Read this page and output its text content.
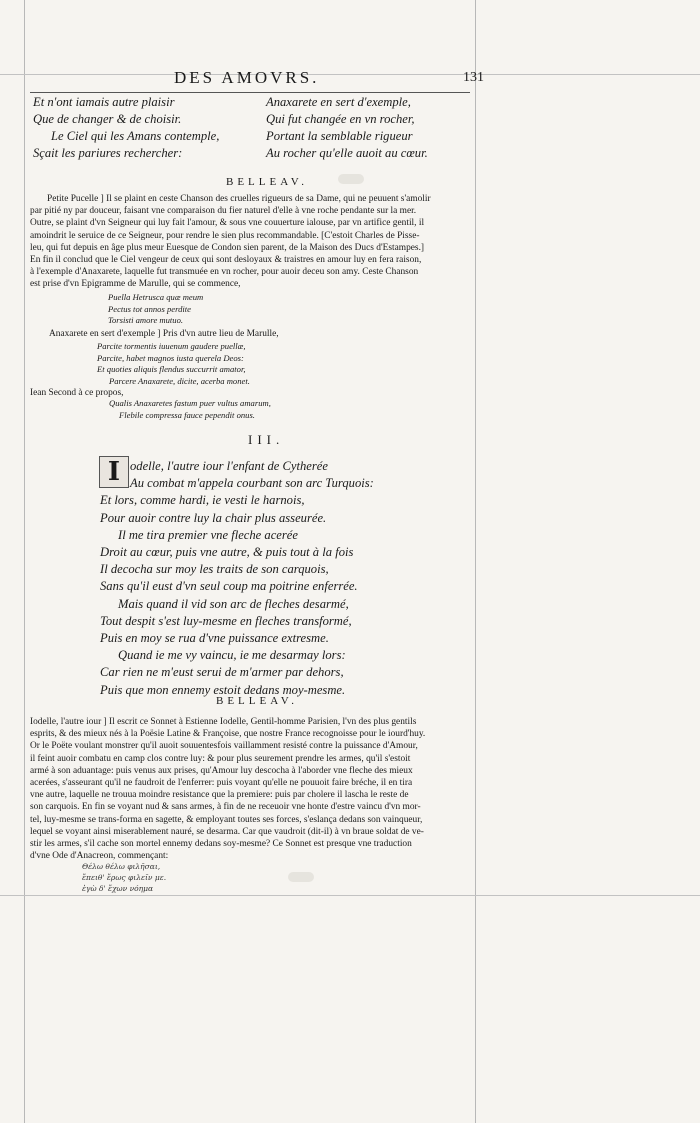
DES AMOVRS.	131
Et n'ont iamais autre plaisir
Que de changer & de choisir.
Le Ciel qui les Amans contemple,
Sçait les pariures rechercher:
Anaxarete en sert d'exemple,
Qui fut changée en vn rocher,
Portant la semblable rigueur
Au rocher qu'elle auoit au cœur.
BELLEAV.
Petite Pucelle ] Il se plaint en ceste Chanson des cruelles rigueurs de sa Dame, qui ne peuuent s'amolir
par pitié ny par douceur, faisant vne comparaison du fier naturel d'elle à vne roche pendante sur la mer.
Outre, se plaint d'vn Seigneur qui luy fait l'amour, & sous vne couuerture ialouse, par vn artifice gentil, il
amoindrit le seruice de ce Seigneur, pour rendre le sien plus recommandable. [C'estoit Charles de Pisse-
leu, qui fut depuis en âge plus meur Euesque de Condon sien parent, de la Maison des Ducs d'Estampes.]
En fin il conclud que le Ciel vengeur de ceux qui sont desloyaux & traistres en amour luy en fera raison,
à l'exemple d'Anaxarete, laquelle fut transmuée en vn rocher, pour auoir deceu son amy. Ceste Chanson
est prise d'vn Epigramme de Marulle, qui se commence,
Puella Hetrusca quæ meum
Pectus tot annos perdite
Torsisti amore mutuo.
Anaxarete en sert d'exemple ] Pris d'vn autre lieu de Marulle,
Parcite tormentis iuuenum gaudere puellæ,
Parcite, habet magnos iusta querela Deos:
Et quoties aliquis flendus succurrit amator,
Parcere Anaxarete, dicite, acerba monet.
Iean Second à ce propos,
Qualis Anaxaretes fastum puer vultus amarum,
Flebile compressa fauce pependit onus.
III.
I odelle, l'autre iour l'enfant de Cytherée
Au combat m'appela courbant son arc Turquois:
Et lors, comme hardi, ie vesti le harnois,
Pour auoir contre luy la chair plus asseurée.
Il me tira premier vne fleche acerée
Droit au cœur, puis vne autre, & puis tout à la fois
Il decocha sur moy les traits de son carquois,
Sans qu'il eust d'vn seul coup ma poitrine enferrée.
Mais quand il vid son arc de fleches desarmé,
Tout despit s'est luy-mesme en fleches transformé,
Puis en moy se rua d'vne puissance extresme.
Quand ie me vy vaincu, ie me desarmay lors:
Car rien ne m'eust serui de m'armer par dehors,
Puis que mon ennemy estoit dedans moy-mesme.
BELLEAV.
Iodelle, l'autre iour ] Il escrit ce Sonnet à Estienne Iodelle, Gentil-homme Parisien, l'vn des plus gentils
esprits, & des mieux nés à la Poësie Latine & Françoise, que nostre France recognoisse pour le iourd'huy.
Or le Poëte voulant monstrer qu'il auoit souuentesfois vaillamment resisté contre la puissance d'Amour,
il feint auoir combatu en camp clos contre luy: & pour plus seurement prendre les armes, qu'il s'estoit
armé à son aduantage: puis venus aux prises, qu'Amour luy descocha à l'aborder vne fleche des mieux
acerées, s'asseurant qu'il ne faudroit de l'enferrer: puis voyant qu'elle ne pouuoit faire bréche, il en tira
vne autre, laquelle ne trouua moindre resistance que la premiere: puis par cholere il lascha le reste de
son carquois. En fin se voyant nud & sans armes, à fin de ne receuoir vne honte d'estre vaincu d'vn mor-
tel, luy-mesme se trans-forma en sagette, & employant toutes ses forces, s'eslança dedans son vainqueur,
lequel se voyant ainsi miserablement nauré, se desarma. Car que vaudroit (dit-il) à vn braue soldat de ve-
stir les armes, s'il cache son mortel ennemy dedans soy-mesme? Ce Sonnet est presque vne traduction
d'vne Ode d'Anacreon, commençant:
Θέλω θέλω φιλῆσαι,
ἔπειθ' ἔρως φιλεῖν με.
ἐγὼ δ' ἔχων νόημα
